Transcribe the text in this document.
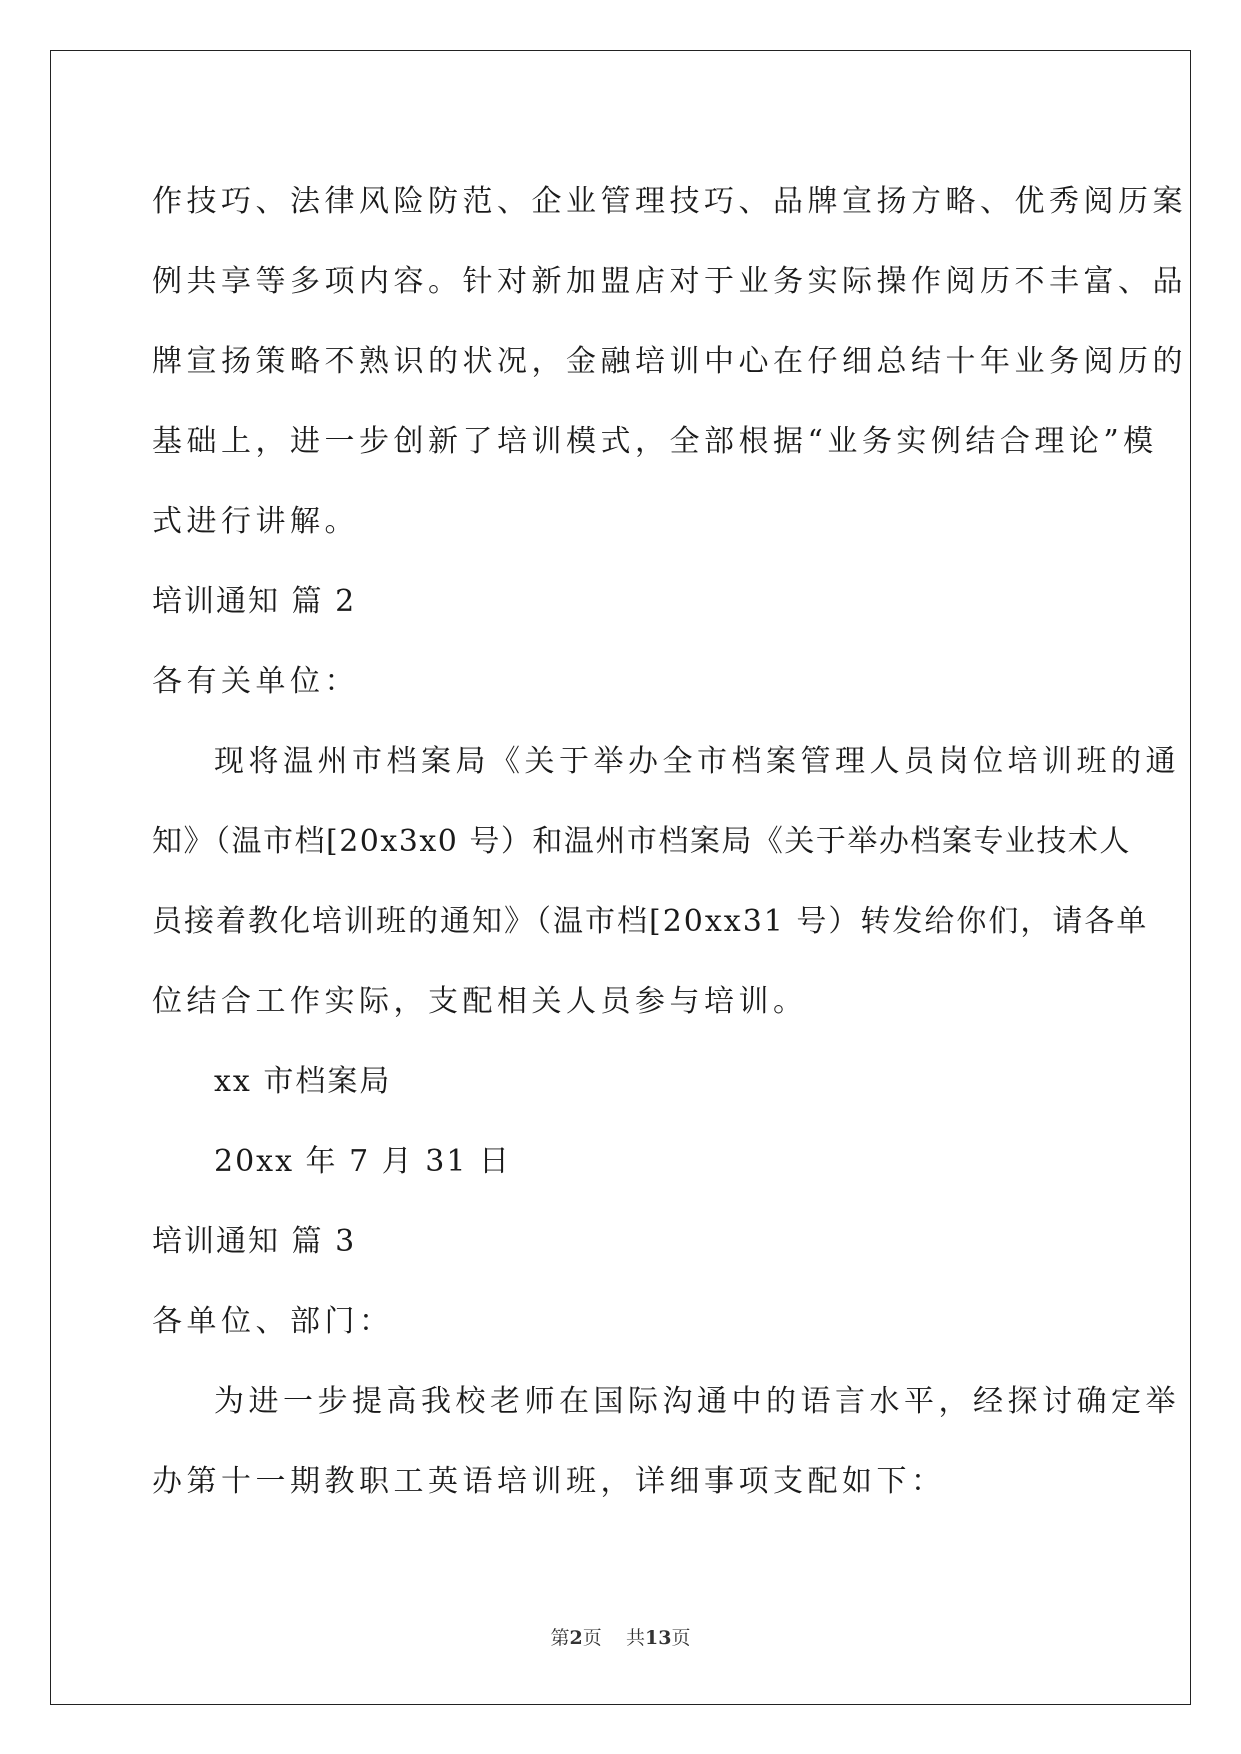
作技巧、法律风险防范、企业管理技巧、品牌宣扬方略、优秀阅历案
例共享等多项内容。针对新加盟店对于业务实际操作阅历不丰富、品
牌宣扬策略不熟识的状况，金融培训中心在仔细总结十年业务阅历的
基础上，进一步创新了培训模式，全部根据“业务实例结合理论”模
式进行讲解。
培训通知 篇 2
各有关单位：
现将温州市档案局《关于举办全市档案管理人员岗位培训班的通
知》（温市档[20x3x0 号）和温州市档案局《关于举办档案专业技术人
员接着教化培训班的通知》（温市档[20xx31 号）转发给你们，请各单
位结合工作实际，支配相关人员参与培训。
xx 市档案局
20xx 年 7 月 31 日
培训通知 篇 3
各单位、部门：
为进一步提高我校老师在国际沟通中的语言水平，经探讨确定举
办第十一期教职工英语培训班，详细事项支配如下：
第2页 共13页
